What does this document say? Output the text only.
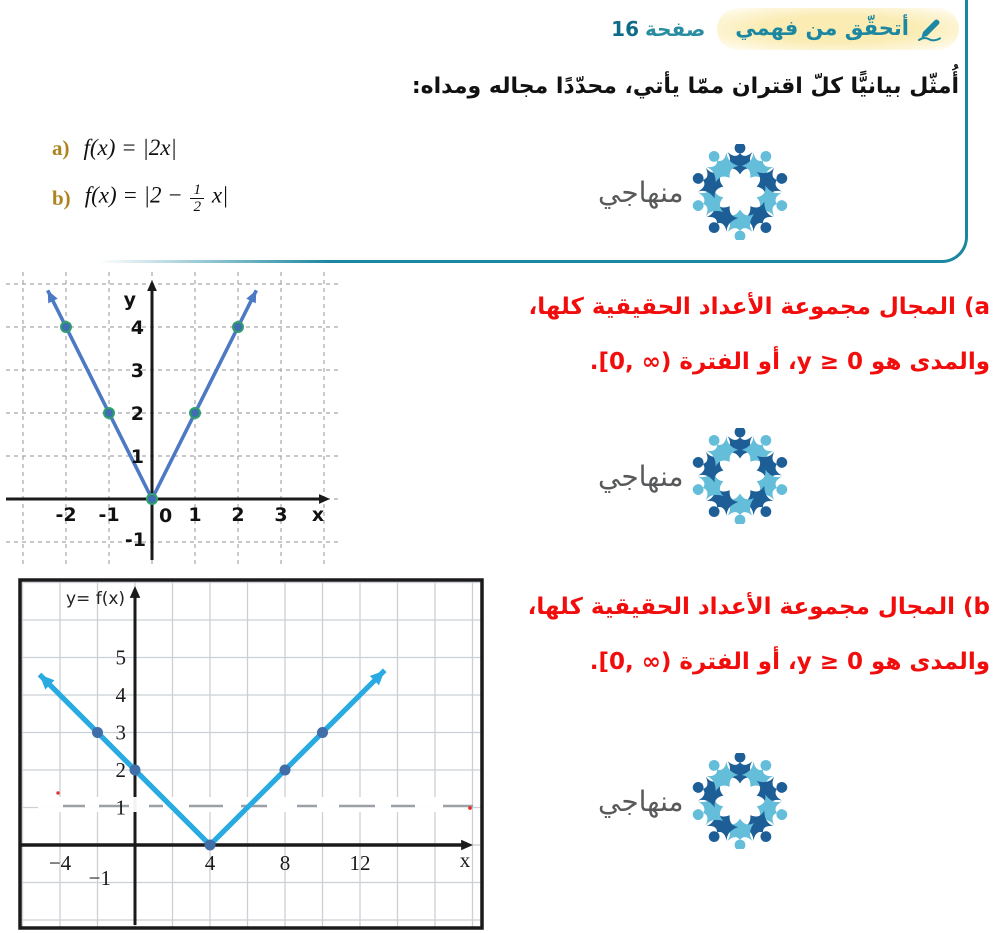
أتحقّق من فهمي
صفحة
16
أُمثّل بيانيًّا كلّ اقتران ممّا يأتي، محدّدًا مجاله ومداه:
a) f(x) = |2x|
b) $f(x) = |2 - \frac{1}{2} x|$	منهاجي
منهاجي
منهاجي
4
3
2
1
-2 -1	1 2 3
0
-1
y
x
5
4
3
2
1
−4	4	8	12
−1
x
y= f(x)
a) المجال مجموعة الأعداد الحقيقية كلها،
والمدى هو y ≥ 0، أو الفترة [0, ∞).
b) المجال مجموعة الأعداد الحقيقية كلها،
والمدى هو y ≥ 0، أو الفترة [0, ∞).
